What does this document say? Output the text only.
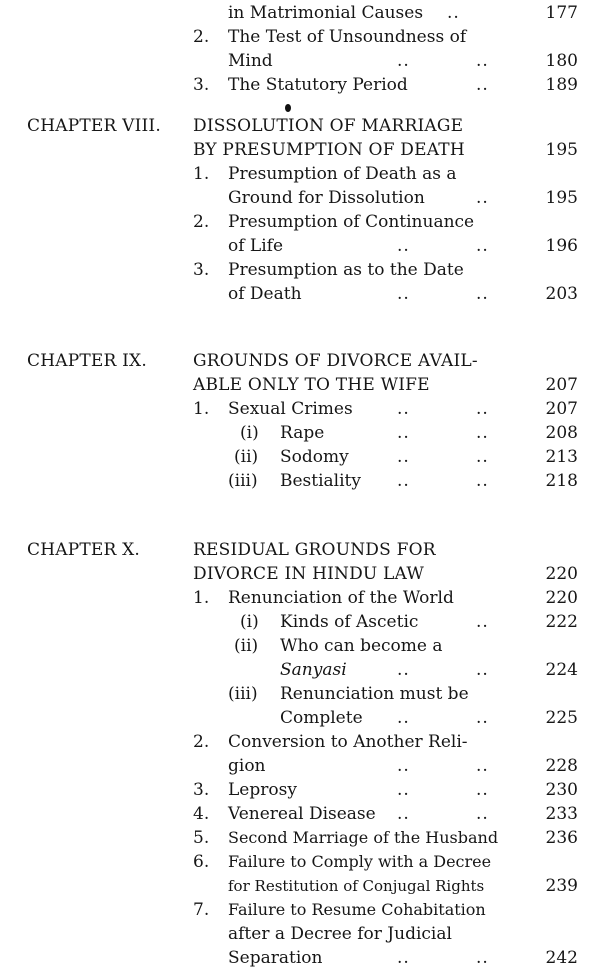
in Matrimonial Causes ..	177
2. The Test of Unsoundness of
Mind	..	..	180
3. The Statutory Period	..	189
CHAPTER VIII. DISSOLUTION OF MARRIAGE
BY PRESUMPTION OF DEATH	195
1. Presumption of Death as a
Ground for Dissolution	..	195
2. Presumption of Continuance
of Life	..	..	196
3. Presumption as to the Date
of Death	..	..	203
CHAPTER IX.	GROUNDS OF DIVORCE AVAIL-
ABLE ONLY TO THE WIFE	207
1. Sexual Crimes	..	..	207
(i) Rape	..	..	208
(ii) Sodomy	..	..	213
(iii) Bestiality ..	..	218
CHAPTER X.	RESIDUAL GROUNDS FOR
DIVORCE IN HINDU LAW	220
1. Renunciation of the World	220
(i) Kinds of Ascetic	..	222
(ii) Who can become a
Sanyasi	..	..	224
(iii) Renunciation must be
Complete ..	..	225
2. Conversion to Another Reli-
gion	..	..	228
3. Leprosy	..	..	230
4. Venereal Disease ..	..	233
5. Second Marriage of the Husband	236
6. Failure to Comply with a Decree
for Restitution of Conjugal Rights	239
7. Failure to Resume Cohabitation
after a Decree for Judicial
Separation	..	..	242
